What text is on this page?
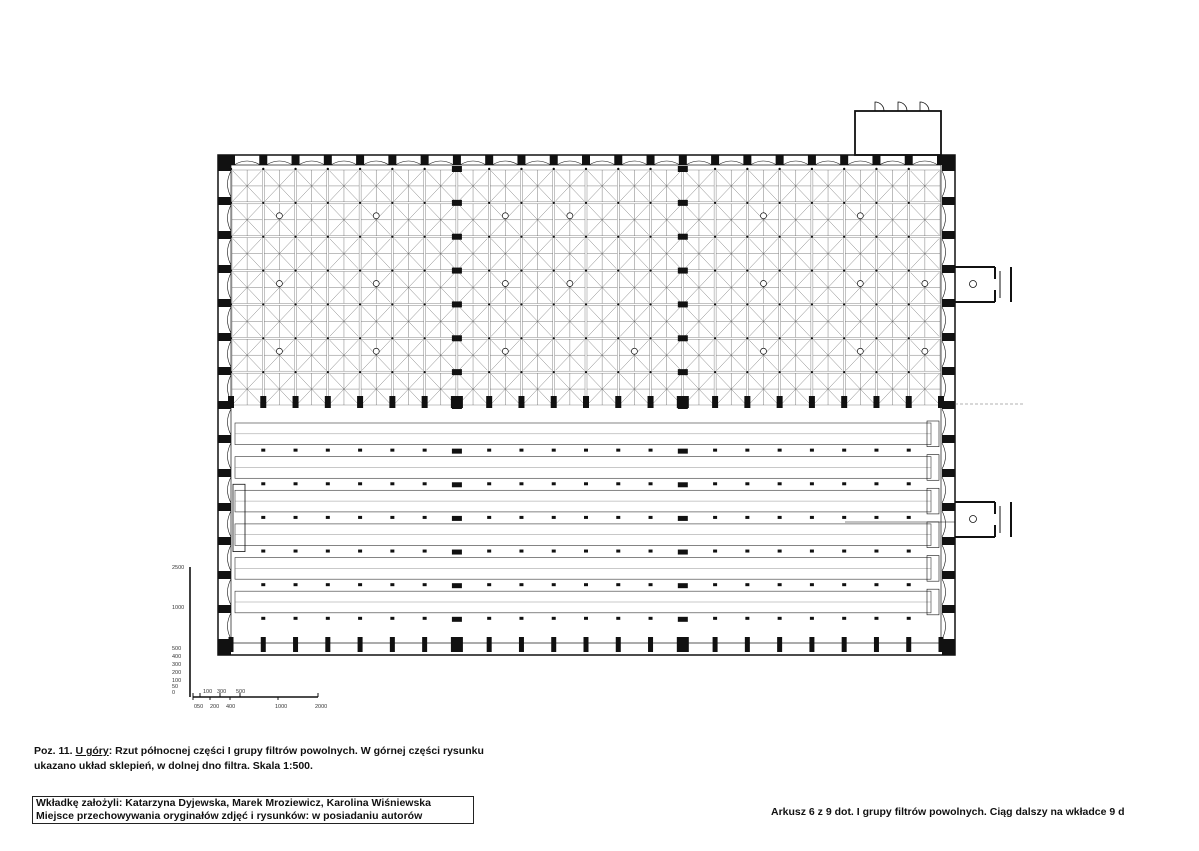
2500
1000
500
400
300
200
100
50
0	100 300 500
050 200 400	1000	2000
Poz. 11. U góry: Rzut północnej części I grupy filtrów powolnych. W górnej części rysunku ukazano układ sklepień, w dolnej dno filtra. Skala 1:500.
Wkładkę założyli: Katarzyna Dyjewska, Marek Mroziewicz, Karolina Wiśniewska
Miejsce przechowywania oryginałów zdjęć i rysunków: w posiadaniu autorów	Arkusz 6 z 9 dot. I grupy filtrów powolnych. Ciąg dalszy na wkładce 9 d
